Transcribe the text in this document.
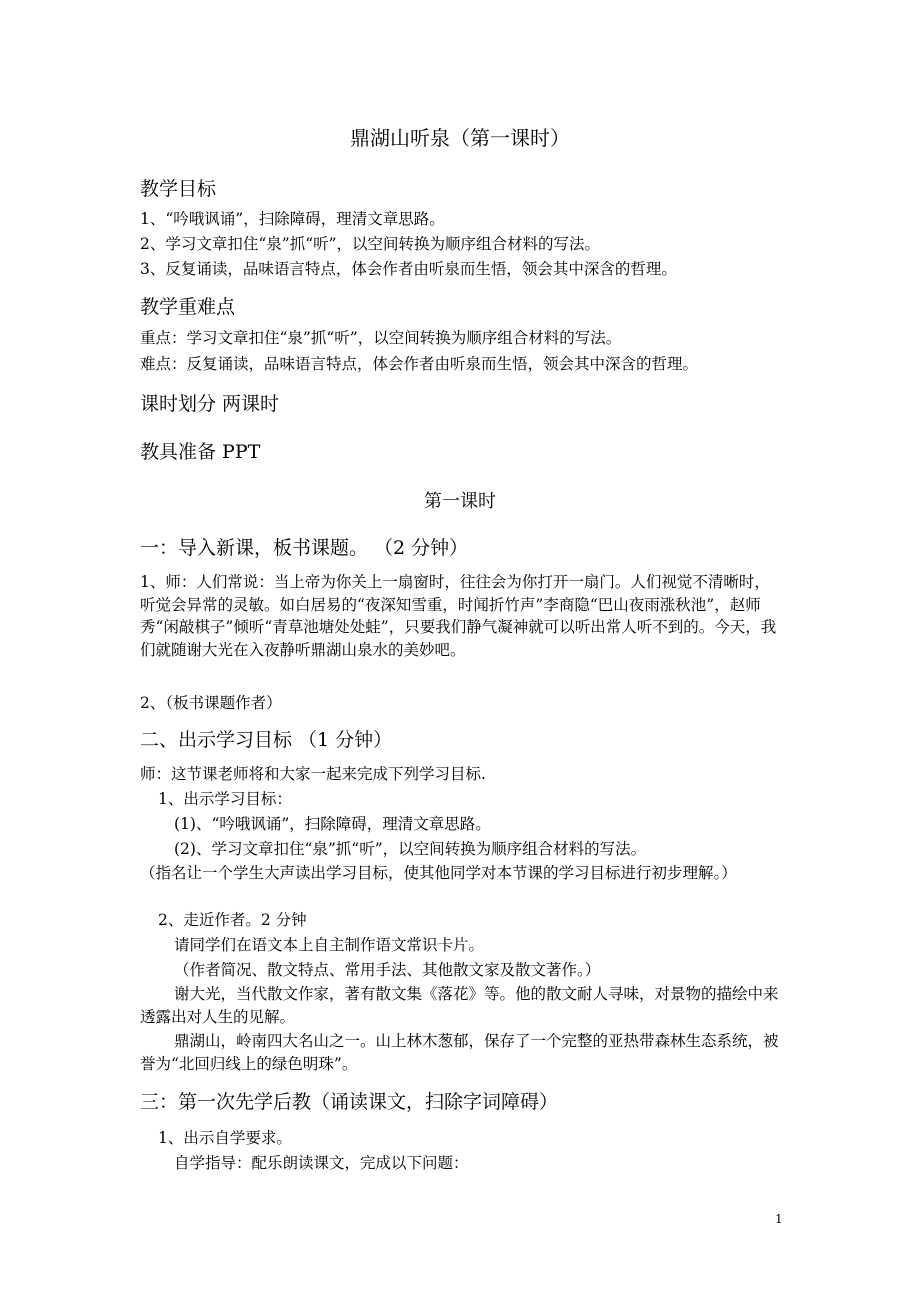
鼎湖山听泉（第一课时）
教学目标
1、“吟哦讽诵”，扫除障碍，理清文章思路。
2、学习文章扣住“泉”抓“听”，以空间转换为顺序组合材料的写法。
3、反复诵读，品味语言特点，体会作者由听泉而生悟，领会其中深含的哲理。
教学重难点
重点：学习文章扣住“泉”抓“听”，以空间转换为顺序组合材料的写法。
难点：反复诵读，品味语言特点，体会作者由听泉而生悟，领会其中深含的哲理。
课时划分 两课时
教具准备 PPT
第一课时
一：导入新课，板书课题。 （2 分钟）
1、师：人们常说：当上帝为你关上一扇窗时，往往会为你打开一扇门。人们视觉不清晰时，听觉会异常的灵敏。如白居易的“夜深知雪重，时闻折竹声”李商隐“巴山夜雨涨秋池”，赵师秀“闲敲棋子”倾听“青草池塘处处蛙”，只要我们静气凝神就可以听出常人听不到的。今天，我们就随谢大光在入夜静听鼎湖山泉水的美妙吧。
2、（板书课题作者）
二、出示学习目标 （1 分钟）
师：这节课老师将和大家一起来完成下列学习目标.
1、出示学习目标：
(1)、“吟哦讽诵”，扫除障碍，理清文章思路。
(2)、学习文章扣住“泉”抓“听”，以空间转换为顺序组合材料的写法。
（指名让一个学生大声读出学习目标，使其他同学对本节课的学习目标进行初步理解。）
2、走近作者。2 分钟
请同学们在语文本上自主制作语文常识卡片。
（作者简况、散文特点、常用手法、其他散文家及散文著作。）
谢大光，当代散文作家，著有散文集《落花》等。他的散文耐人寻味，对景物的描绘中来透露出对人生的见解。
鼎湖山，岭南四大名山之一。山上林木葱郁，保存了一个完整的亚热带森林生态系统，被誉为“北回归线上的绿色明珠”。
三：第一次先学后教（诵读课文，扫除字词障碍）
1、出示自学要求。
自学指导：配乐朗读课文，完成以下问题：
1
